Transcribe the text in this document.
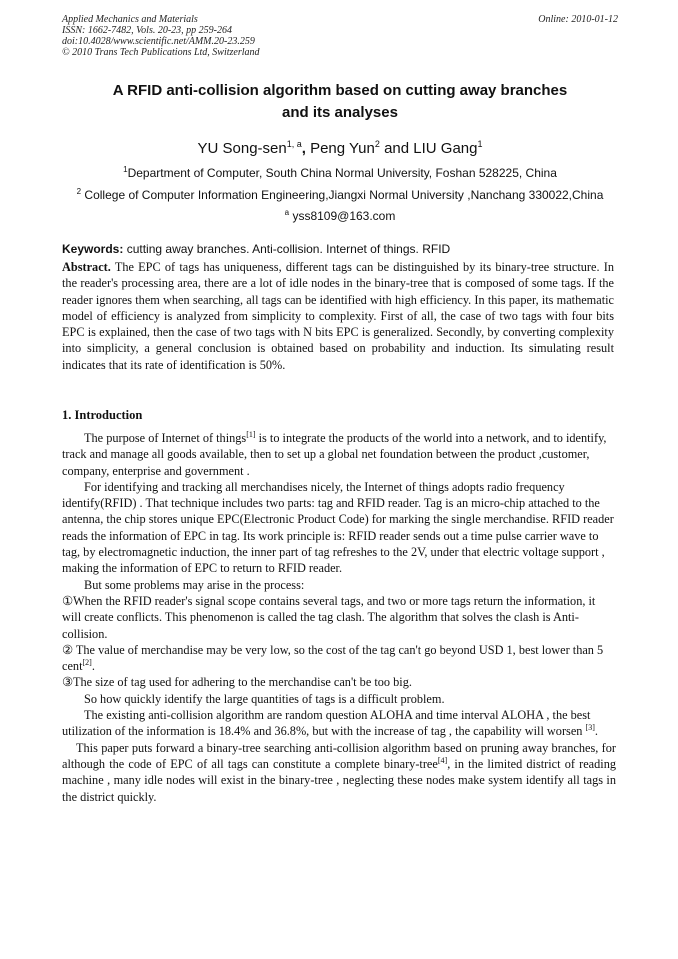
Applied Mechanics and Materials
ISSN: 1662-7482, Vols. 20-23, pp 259-264
doi:10.4028/www.scientific.net/AMM.20-23.259
© 2010 Trans Tech Publications Ltd, Switzerland
Online: 2010-01-12
A RFID anti-collision algorithm based on cutting away branches
and its analyses
YU Song-sen$^{1, a}$, Peng Yun$^2$ and LIU Gang$^1$
$^1$Department of Computer, South China Normal University, Foshan 528225, China
$^2$ College of Computer Information Engineering,Jiangxi Normal University ,Nanchang 330022,China
$^a$ yss8109@163.com
Keywords: cutting away branches. Anti-collision. Internet of things. RFID
Abstract. The EPC of tags has uniqueness, different tags can be distinguished by its binary-tree structure. In the reader's processing area, there are a lot of idle nodes in the binary-tree that is composed of some tags. If the reader ignores them when searching, all tags can be identified with high efficiency. In this paper, its mathematic model of efficiency is analyzed from simplicity to complexity. First of all, the case of two tags with four bits EPC is explained, then the case of two tags with N bits EPC is generalized. Secondly, by converting complexity into simplicity, a general conclusion is obtained based on probability and induction. Its simulating result indicates that its rate of identification is 50%.
1. Introduction

The purpose of Internet of things[1] is to integrate the products of the world into a network, and to identify, track and manage all goods available, then to set up a global net foundation between the product ,customer, company, enterprise and government .

For identifying and tracking all merchandises nicely, the Internet of things adopts radio frequency identify(RFID) . That technique includes two parts: tag and RFID reader. Tag is an micro-chip attached to the antenna, the chip stores unique EPC(Electronic Product Code) for marking the single merchandise. RFID reader reads the information of EPC in tag. Its work principle is: RFID reader sends out a time pulse carrier wave to tag, by electromagnetic induction, the inner part of tag refreshes to the 2V, under that electric voltage support , making the information of EPC to return to RFID reader.

But some problems may arise in the process:

①When the RFID reader's signal scope contains several tags, and two or more tags return the information, it will create conflicts. This phenomenon is called the tag clash. The algorithm that solves the clash is Anti-collision.

② The value of merchandise may be very low, so the cost of the tag can't go beyond USD 1, best lower than 5 cent[2].

③The size of tag used for adhering to the merchandise can't be too big.

So how quickly identify the large quantities of tags is a difficult problem.

The existing anti-collision algorithm are random question ALOHA and time interval ALOHA , the best utilization of the information is 18.4% and 36.8%, but with the increase of tag , the capability will worsen [3].

This paper puts forward a binary-tree searching anti-collision algorithm based on pruning away branches, for although the code of EPC of all tags can constitute a complete binary-tree[4], in the limited district of reading machine , many idle nodes will exist in the binary-tree , neglecting these nodes make system identify all tags in the district quickly.
